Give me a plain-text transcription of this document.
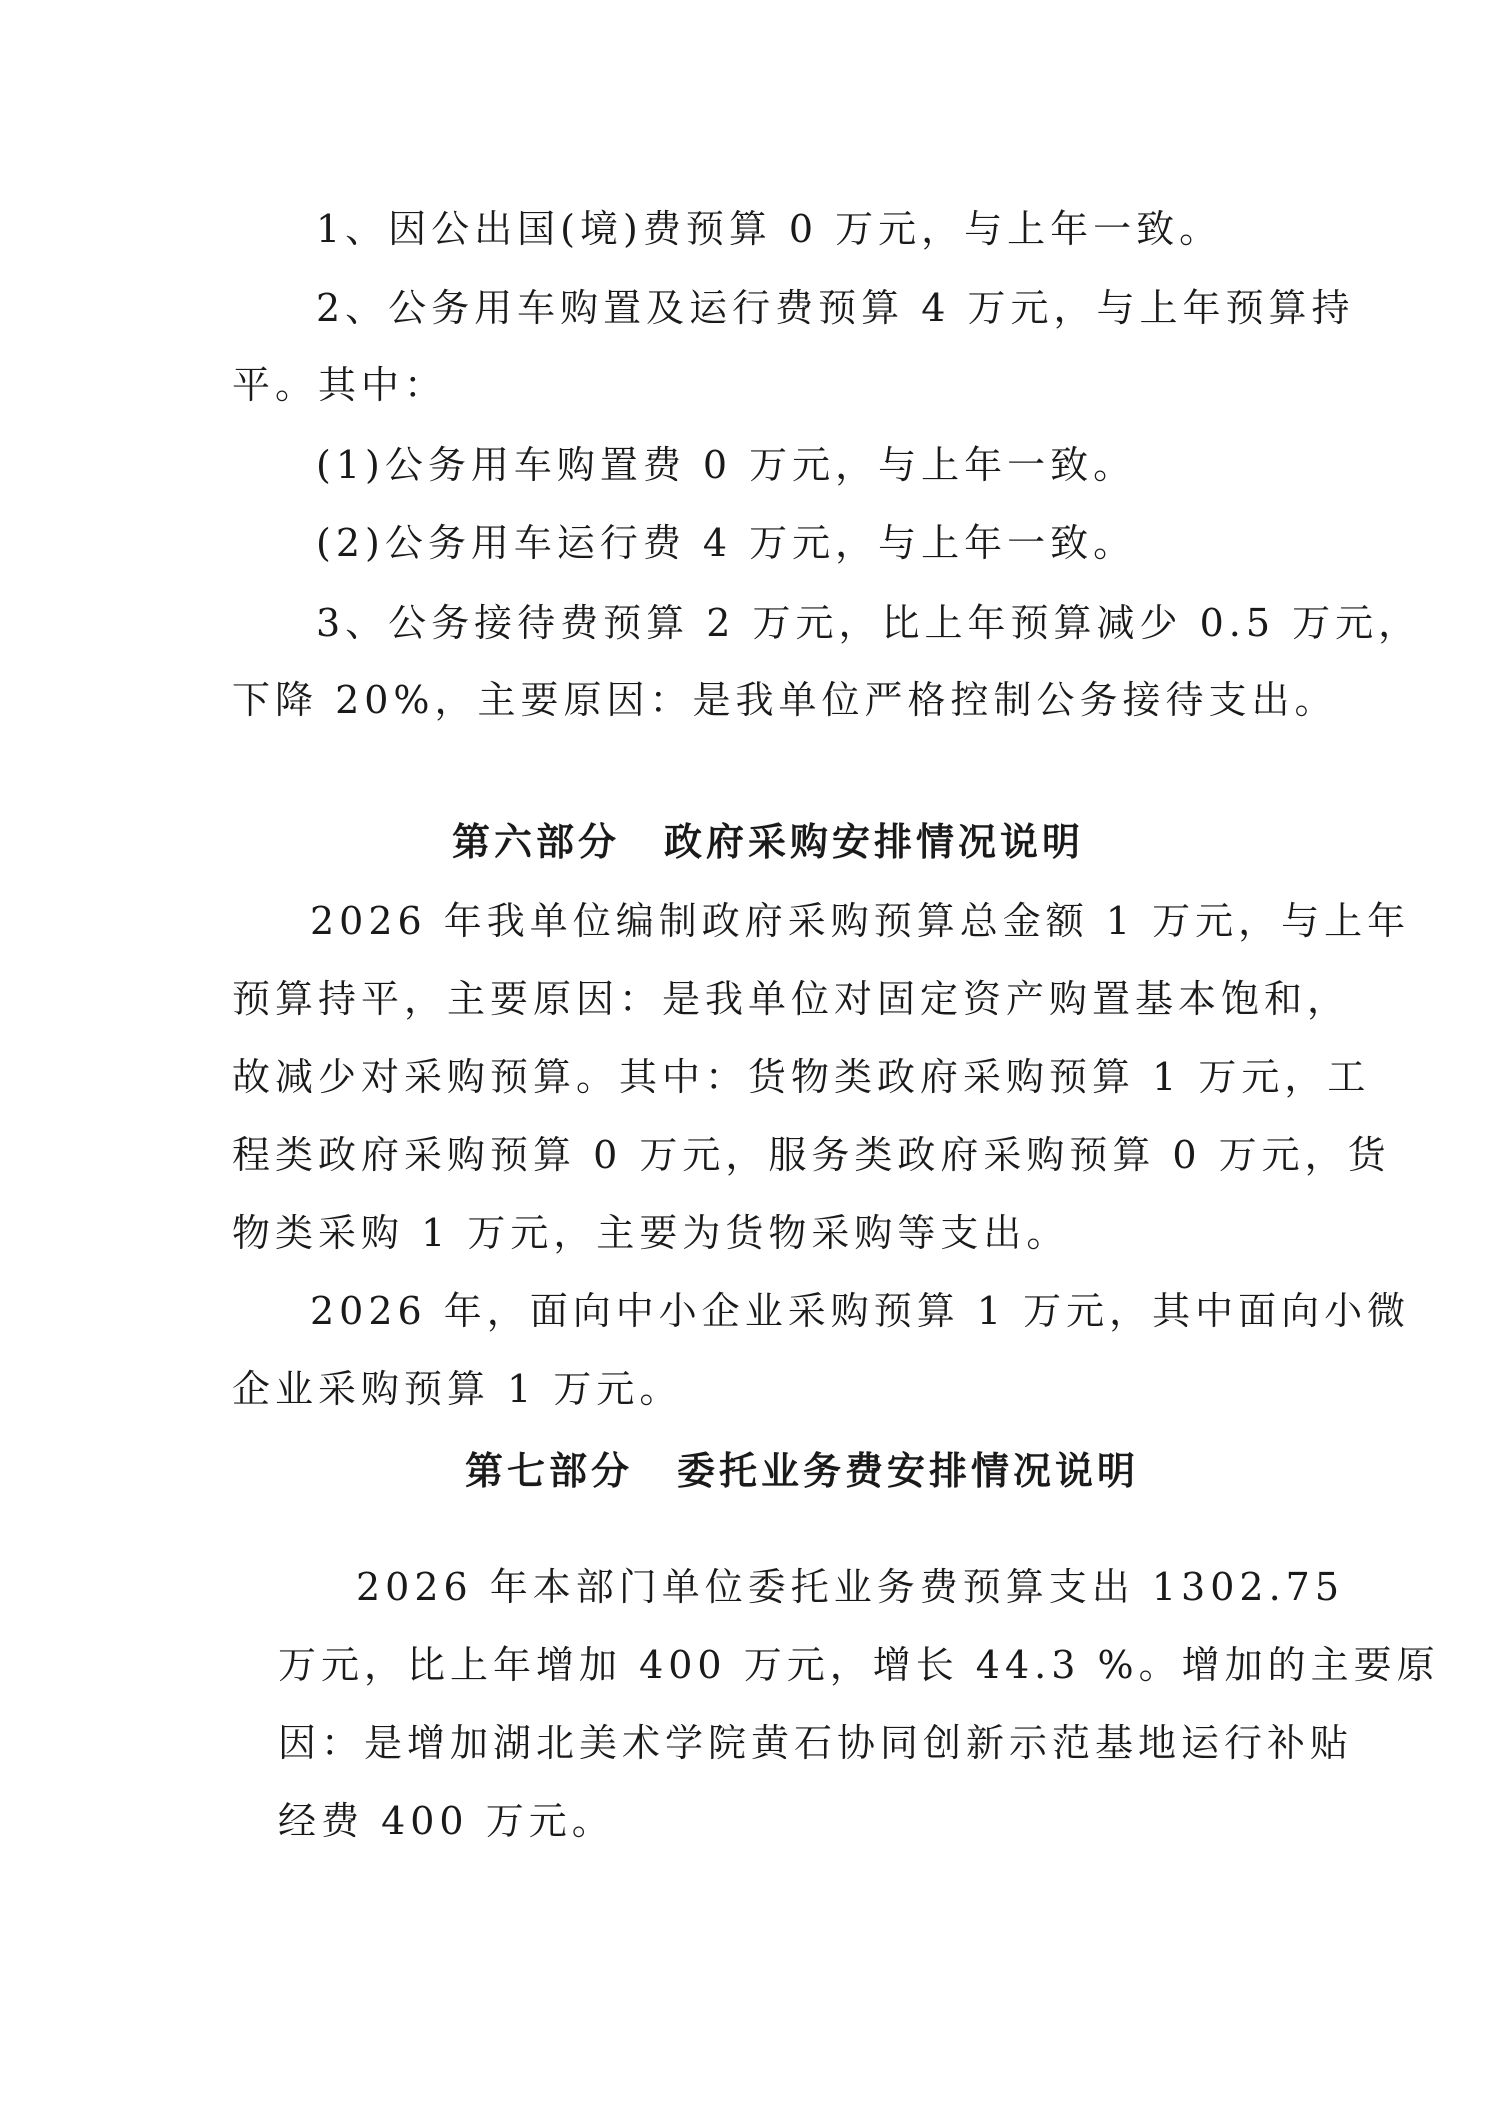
1、因公出国(境)费预算 0 万元，与上年一致。

2、公务用车购置及运行费预算 4 万元，与上年预算持

平。其中：

(1)公务用车购置费 0 万元，与上年一致。

(2)公务用车运行费 4 万元，与上年一致。

3、公务接待费预算 2 万元，比上年预算减少 0.5 万元，

下降 20%，主要原因：是我单位严格控制公务接待支出。

第六部分 政府采购安排情况说明

2026 年我单位编制政府采购预算总金额 1 万元，与上年

预算持平，主要原因：是我单位对固定资产购置基本饱和，

故减少对采购预算。其中：货物类政府采购预算 1 万元，工

程类政府采购预算 0 万元，服务类政府采购预算 0 万元，货

物类采购 1 万元，主要为货物采购等支出。

2026 年，面向中小企业采购预算 1 万元，其中面向小微

企业采购预算 1 万元。

第七部分 委托业务费安排情况说明

2026 年本部门单位委托业务费预算支出 1302.75

万元，比上年增加 400 万元，增长 44.3 %。增加的主要原

因：是增加湖北美术学院黄石协同创新示范基地运行补贴

经费 400 万元。
